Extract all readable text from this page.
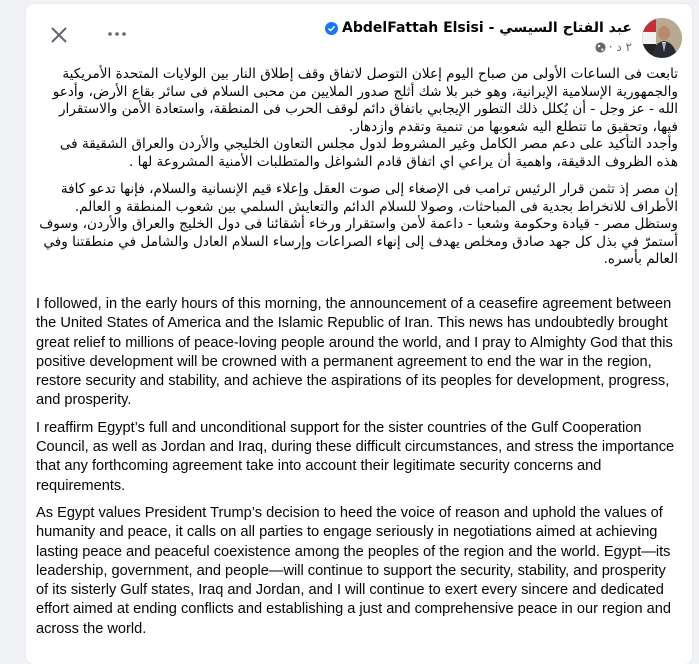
AbdelFattah Elsisi - عبد الفتاح السيسي
٢ د ·

تابعت فى الساعات الأولى من صباح اليوم إعلان التوصل لاتفاق وقف إطلاق النار بين الولايات المتحدة الأمريكية والجمهورية الإسلامية الإيرانية، وهو خبر بلا شك أثلج صدور الملايين من محبى السلام فى سائر بقاع الأرض، وأدعو الله - عز وجل - أن يُكلل ذلك التطور الإيجابي باتفاق دائم لوقف الحرب فى المنطقة، واستعادة الأمن والاستقرار فيها، وتحقيق ما تتطلع اليه شعوبها من تنمية وتقدم وازدهار.

وأجدد التأكيد على دعم مصر الكامل وغير المشروط لدول مجلس التعاون الخليجي والأردن والعراق الشقيقة فى هذه الظروف الدقيقة، واهمية أن يراعي اي اتفاق قادم الشواغل والمتطلبات الأمنية المشروعة لها .

إن مصر إذ تثمن قرار الرئيس ترامب فى الإصغاء إلى صوت العقل وإعلاء قيم الإنسانية والسلام، فإنها تدعو كافة الأطراف للانخراط بجدية فى المباحثات، وصولا للسلام الدائم والتعايش السلمي بين شعوب المنطقة و العالم. وستظل مصر - قيادة وحكومة وشعبا - داعمة لأمن واستقرار ورخاء أشقائنا فى دول الخليج والعراق والأردن، وسوف أستمرّ في بذل كل جهد صادق ومخلص يهدف إلى إنهاء الصراعات وإرساء السلام العادل والشامل في منطقتنا وفي العالم بأسره.

I followed, in the early hours of this morning, the announcement of a ceasefire agreement between the United States of America and the Islamic Republic of Iran. This news has undoubtedly brought great relief to millions of peace-loving people around the world, and I pray to Almighty God that this positive development will be crowned with a permanent agreement to end the war in the region, restore security and stability, and achieve the aspirations of its peoples for development, progress, and prosperity.

I reaffirm Egypt’s full and unconditional support for the sister countries of the Gulf Cooperation Council, as well as Jordan and Iraq, during these difficult circumstances, and stress the importance that any forthcoming agreement take into account their legitimate security concerns and requirements.

As Egypt values President Trump’s decision to heed the voice of reason and uphold the values of humanity and peace, it calls on all parties to engage seriously in negotiations aimed at achieving lasting peace and peaceful coexistence among the peoples of the region and the world. Egypt—its leadership, government, and people—will continue to support the security, stability, and prosperity of its sisterly Gulf states, Iraq and Jordan, and I will continue to exert every sincere and dedicated effort aimed at ending conflicts and establishing a just and comprehensive peace in our region and across the world.
